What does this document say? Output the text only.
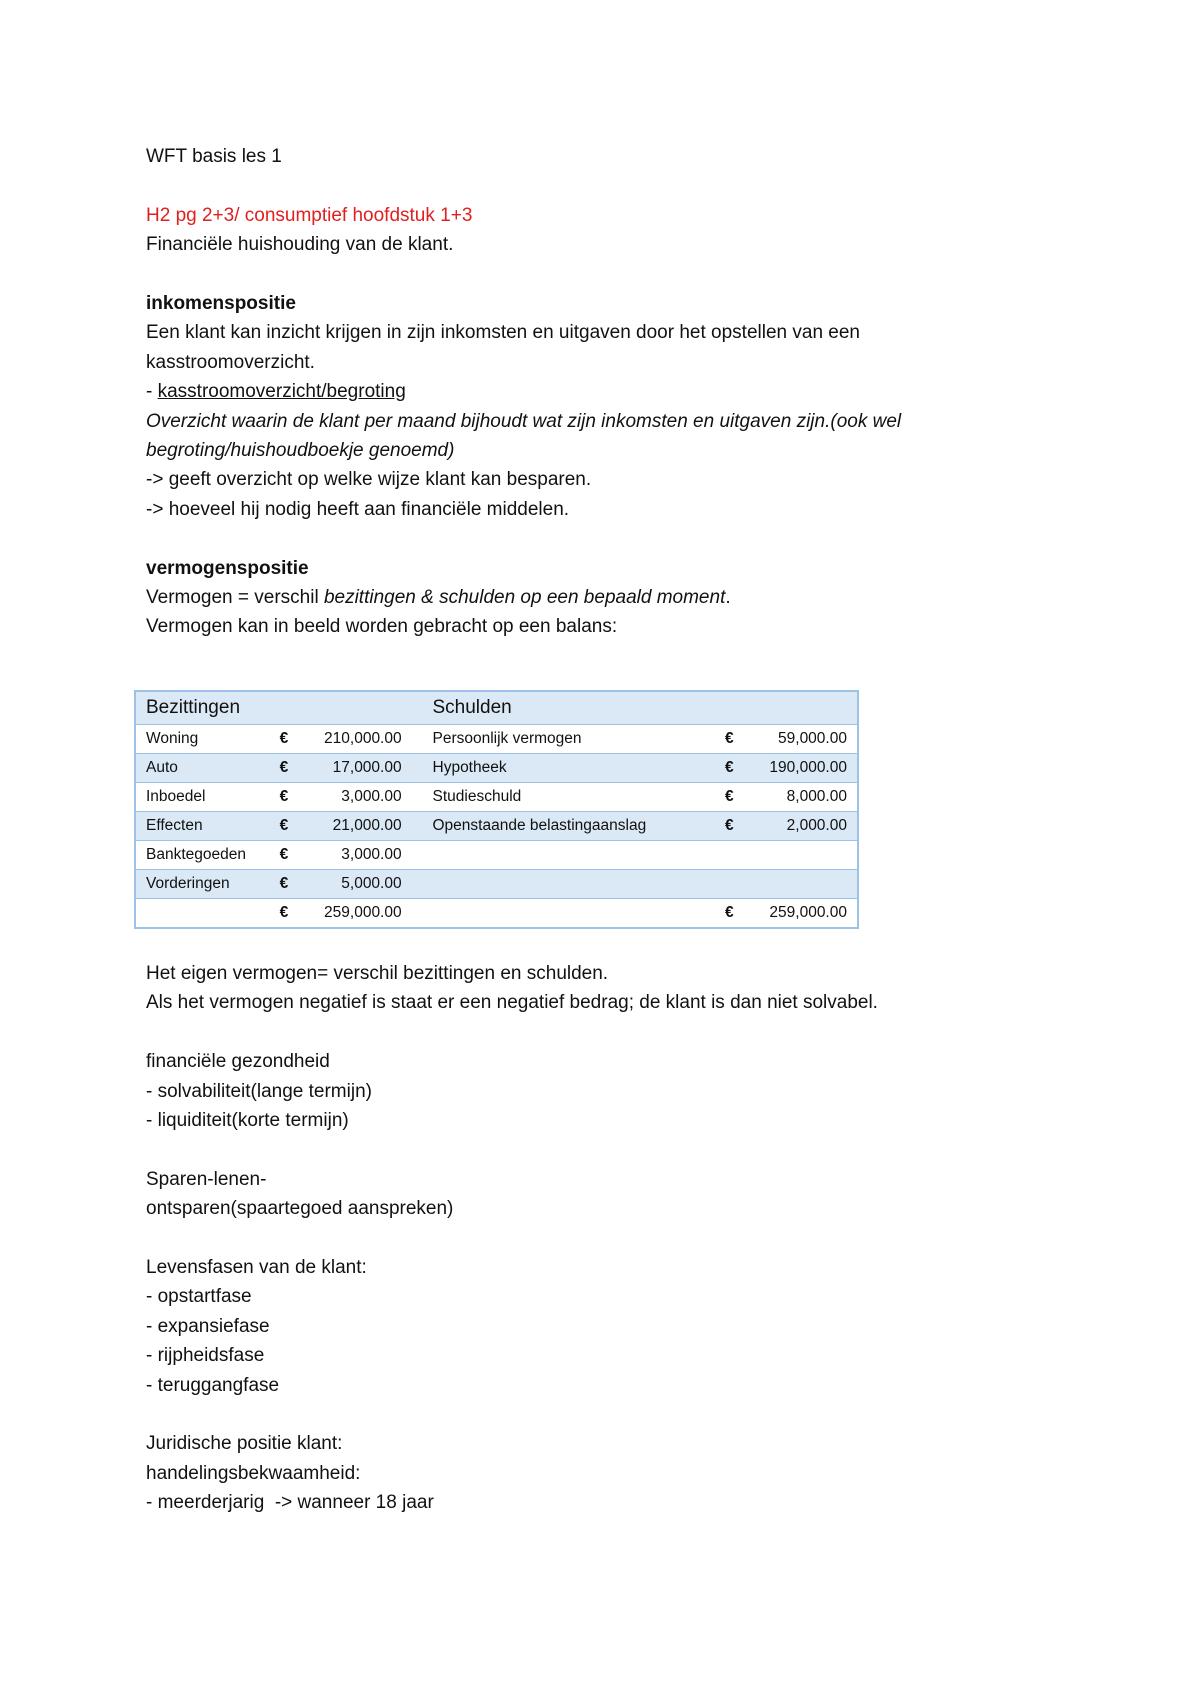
WFT basis les 1
H2 pg 2+3/ consumptief hoofdstuk 1+3
Financiële huishouding van de klant.
inkomenspositie
Een klant kan inzicht krijgen in zijn inkomsten en uitgaven door het opstellen van een
kasstroomoverzicht.
- kasstroomoverzicht/begroting
Overzicht waarin de klant per maand bijhoudt wat zijn inkomsten en uitgaven zijn.(ook wel
begroting/huishoudboekje genoemd)
-> geeft overzicht op welke wijze klant kan besparen.
-> hoeveel hij nodig heeft aan financiële middelen.
vermogenspositie
Vermogen = verschil bezittingen & schulden op een bepaald moment.
Vermogen kan in beeld worden gebracht op een balans:
Bezittingen		Schulden	
Woning	€ 210,000.00	Persoonlijk vermogen	€ 59,000.00
Auto	€ 17,000.00	Hypotheek	€ 190,000.00
Inboedel	€ 3,000.00	Studieschuld	€ 8,000.00
Effecten	€ 21,000.00	Openstaande belastingaanslag	€ 2,000.00
Banktegoeden	€ 3,000.00		
Vorderingen	€ 5,000.00		
	€ 259,000.00		€ 259,000.00
Het eigen vermogen= verschil bezittingen en schulden.
Als het vermogen negatief is staat er een negatief bedrag; de klant is dan niet solvabel.
financiële gezondheid
- solvabiliteit(lange termijn)
- liquiditeit(korte termijn)
Sparen-lenen-
ontsparen(spaartegoed aanspreken)
Levensfasen van de klant:
- opstartfase
- expansiefase
- rijpheidsfase
- teruggangfase
Juridische positie klant:
handelingsbekwaamheid:
- meerderjarig  -> wanneer 18 jaar
